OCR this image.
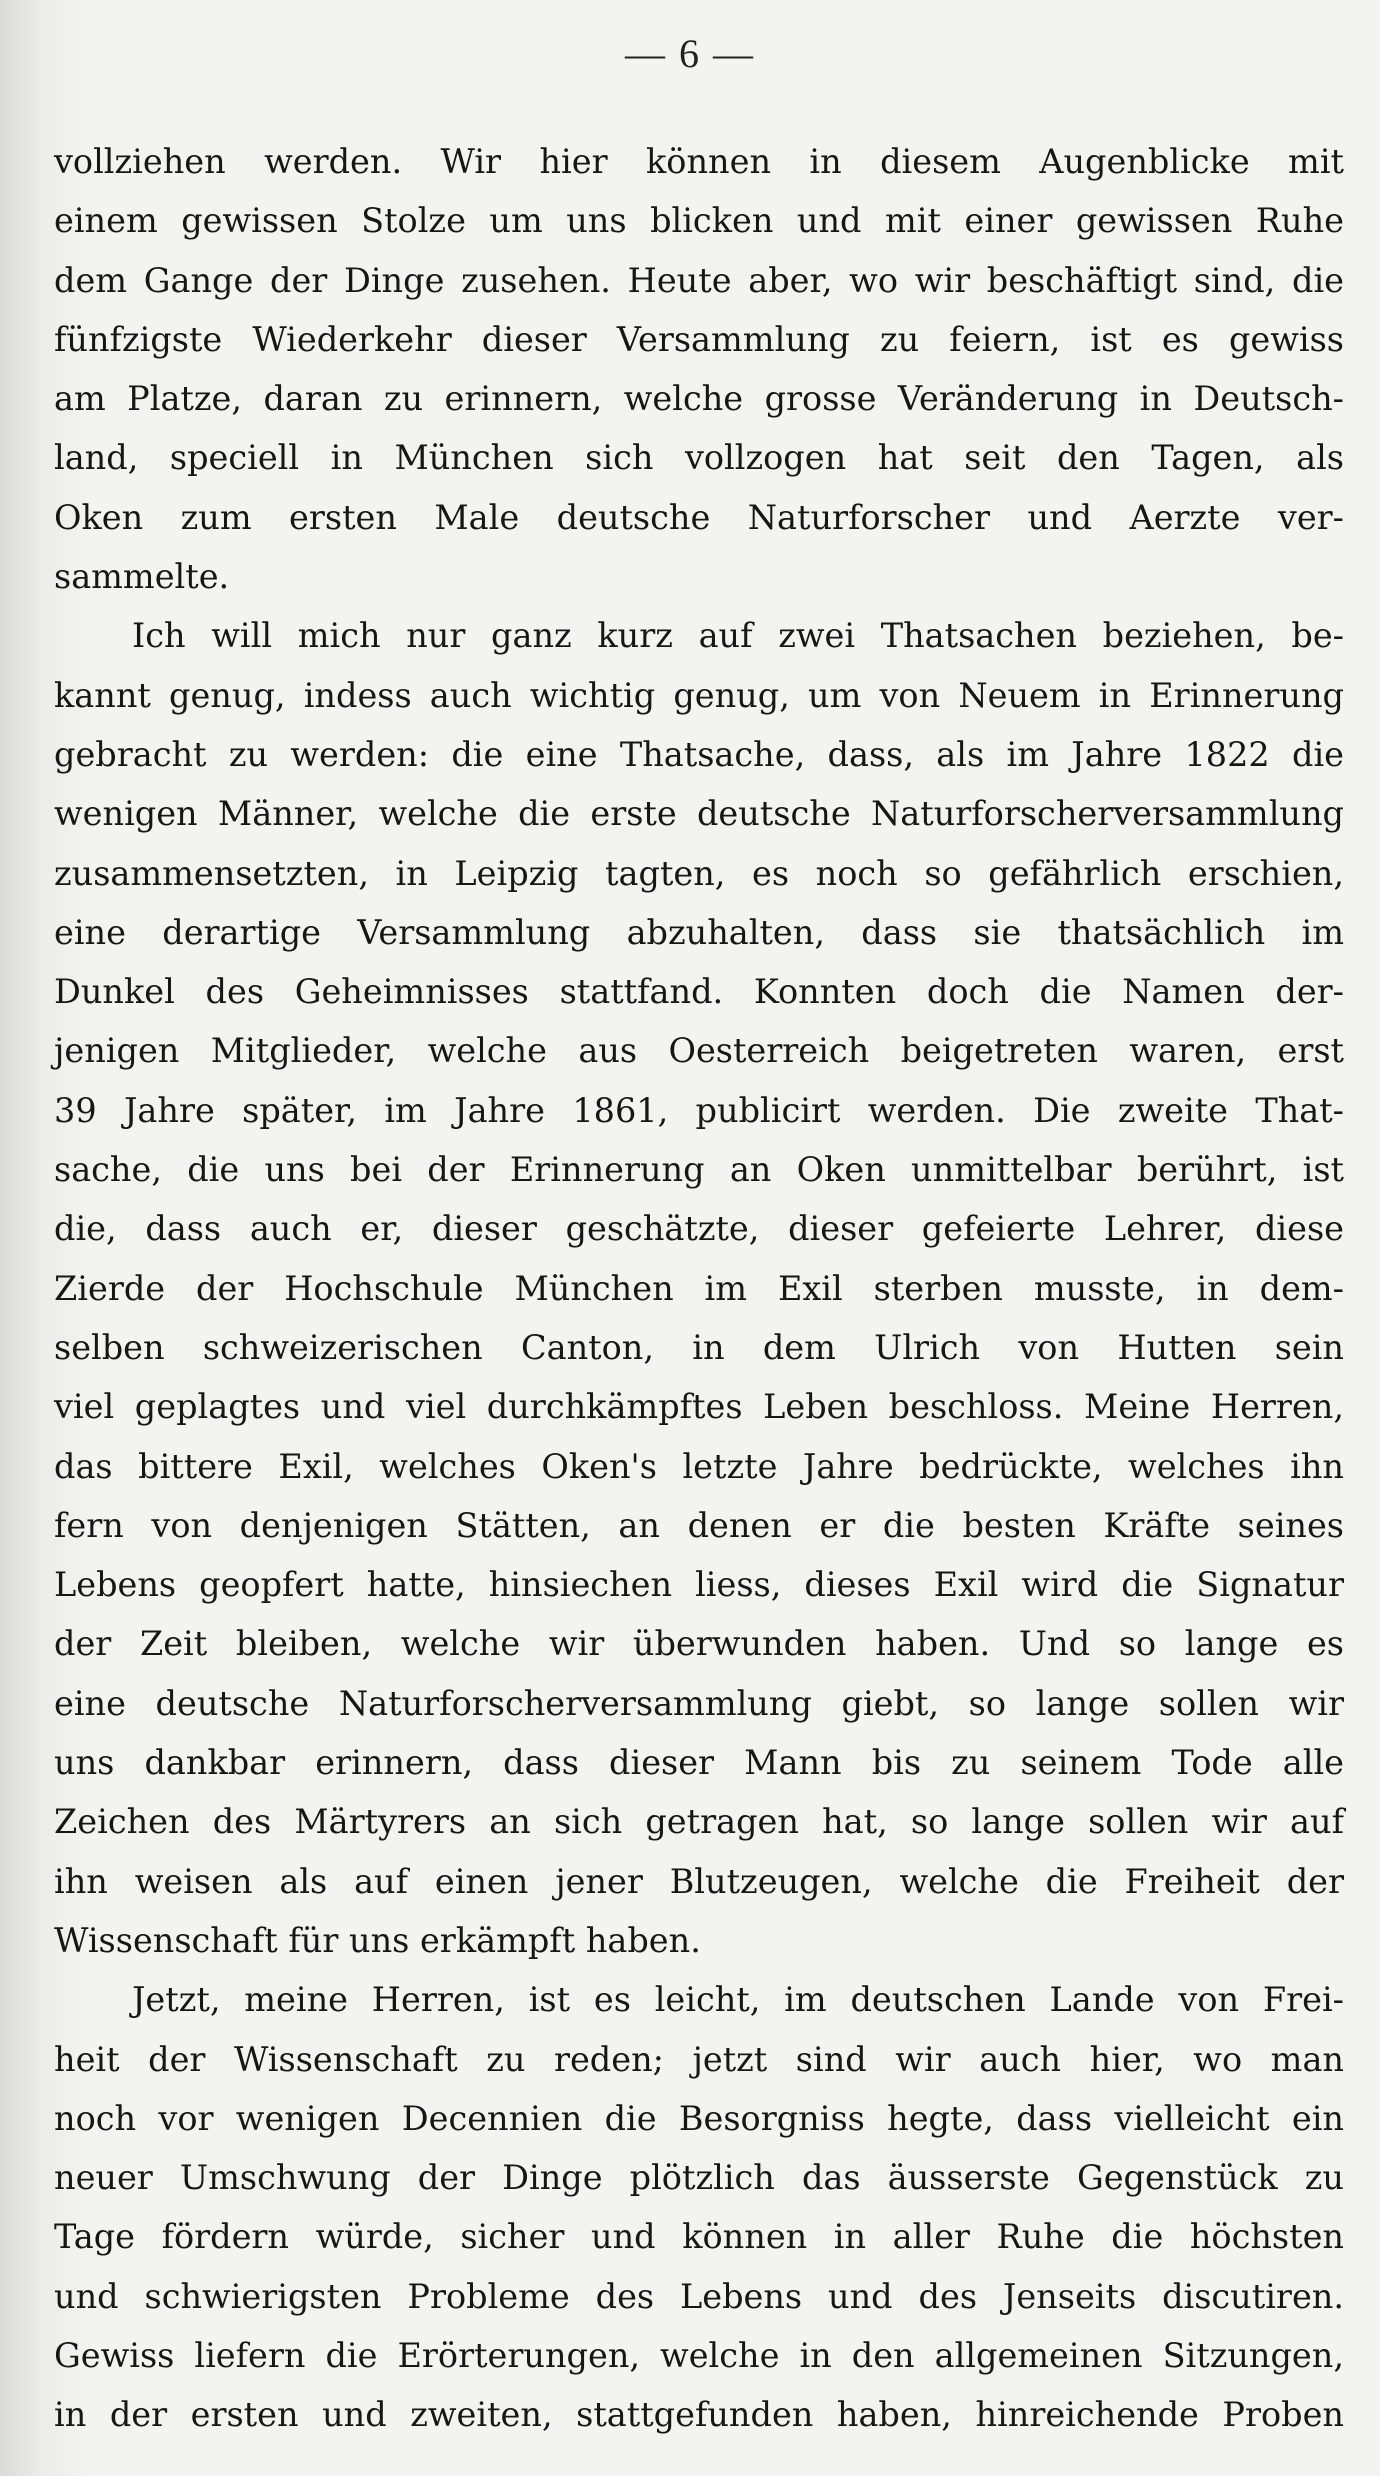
— 6 —
vollziehen werden. Wir hier können in diesem Augenblicke mit
einem gewissen Stolze um uns blicken und mit einer gewissen Ruhe
dem Gange der Dinge zusehen. Heute aber, wo wir beschäftigt sind, die
fünfzigste Wiederkehr dieser Versammlung zu feiern, ist es gewiss
am Platze, daran zu erinnern, welche grosse Veränderung in Deutsch-
land, speciell in München sich vollzogen hat seit den Tagen, als
Oken zum ersten Male deutsche Naturforscher und Aerzte ver-
sammelte.
Ich will mich nur ganz kurz auf zwei Thatsachen beziehen, be-
kannt genug, indess auch wichtig genug, um von Neuem in Erinnerung
gebracht zu werden: die eine Thatsache, dass, als im Jahre 1822 die
wenigen Männer, welche die erste deutsche Naturforscherversammlung
zusammensetzten, in Leipzig tagten, es noch so gefährlich erschien,
eine derartige Versammlung abzuhalten, dass sie thatsächlich im
Dunkel des Geheimnisses stattfand. Konnten doch die Namen der-
jenigen Mitglieder, welche aus Oesterreich beigetreten waren, erst
39 Jahre später, im Jahre 1861, publicirt werden. Die zweite That-
sache, die uns bei der Erinnerung an Oken unmittelbar berührt, ist
die, dass auch er, dieser geschätzte, dieser gefeierte Lehrer, diese
Zierde der Hochschule München im Exil sterben musste, in dem-
selben schweizerischen Canton, in dem Ulrich von Hutten sein
viel geplagtes und viel durchkämpftes Leben beschloss. Meine Herren,
das bittere Exil, welches Oken's letzte Jahre bedrückte, welches ihn
fern von denjenigen Stätten, an denen er die besten Kräfte seines
Lebens geopfert hatte, hinsiechen liess, dieses Exil wird die Signatur
der Zeit bleiben, welche wir überwunden haben. Und so lange es
eine deutsche Naturforscherversammlung giebt, so lange sollen wir
uns dankbar erinnern, dass dieser Mann bis zu seinem Tode alle
Zeichen des Märtyrers an sich getragen hat, so lange sollen wir auf
ihn weisen als auf einen jener Blutzeugen, welche die Freiheit der
Wissenschaft für uns erkämpft haben.
Jetzt, meine Herren, ist es leicht, im deutschen Lande von Frei-
heit der Wissenschaft zu reden; jetzt sind wir auch hier, wo man
noch vor wenigen Decennien die Besorgniss hegte, dass vielleicht ein
neuer Umschwung der Dinge plötzlich das äusserste Gegenstück zu
Tage fördern würde, sicher und können in aller Ruhe die höchsten
und schwierigsten Probleme des Lebens und des Jenseits discutiren.
Gewiss liefern die Erörterungen, welche in den allgemeinen Sitzungen,
in der ersten und zweiten, stattgefunden haben, hinreichende Proben
